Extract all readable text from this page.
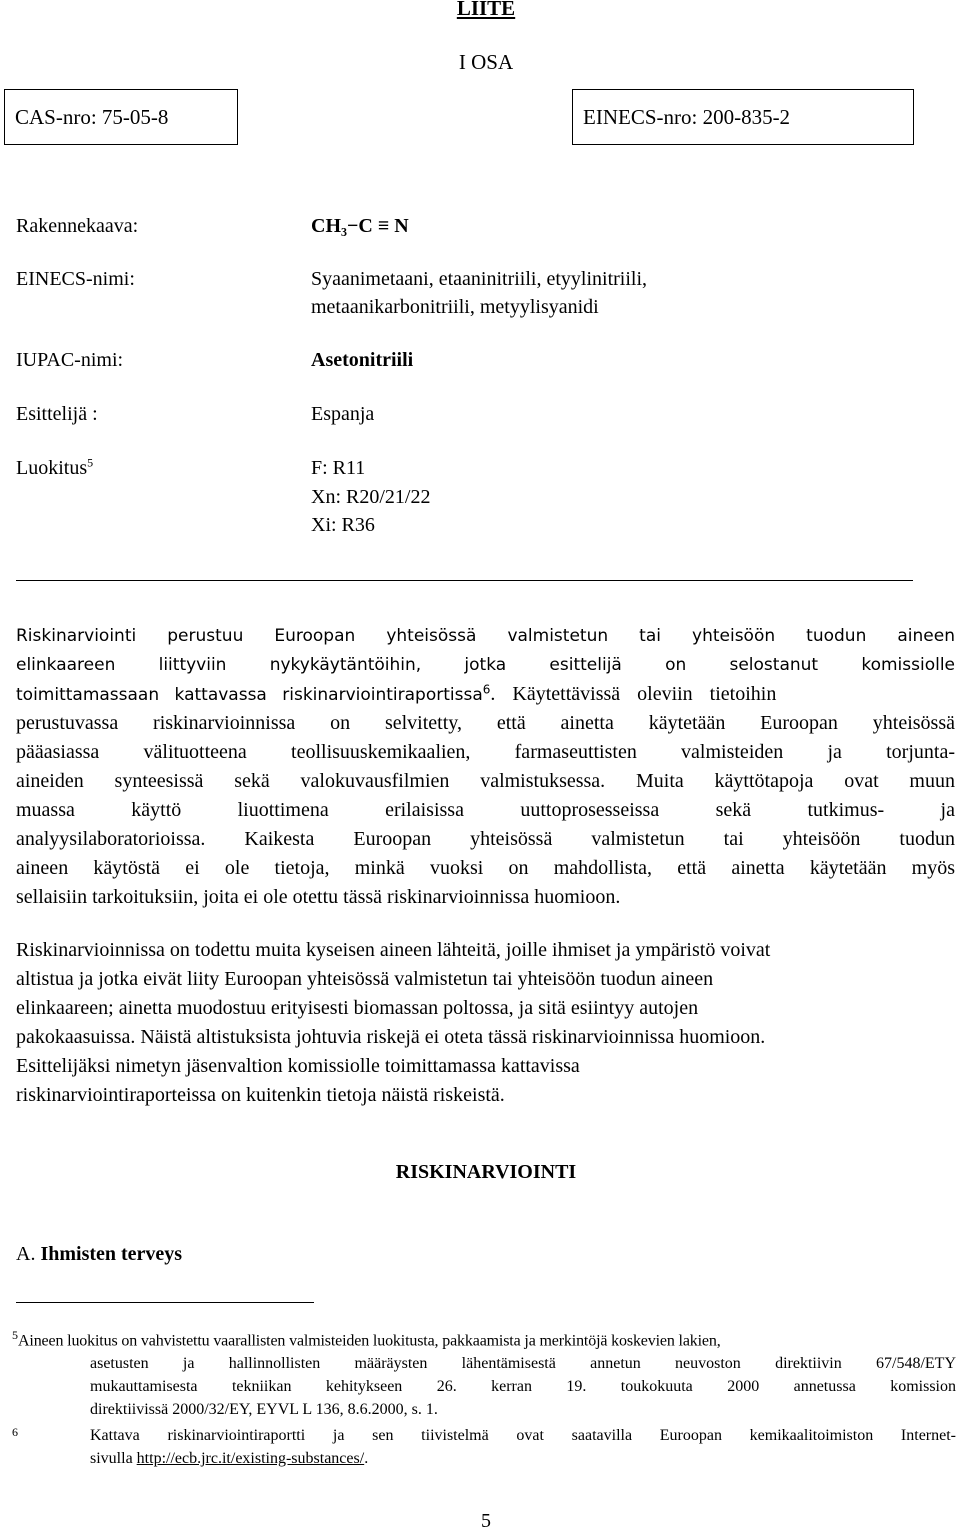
LIITE
I OSA
CAS-nro: 75-05-8	EINECS-nro: 200-835-2
Rakennekaava:	CH₃−C ≡ N
EINECS-nimi:	Syaanimetaani, etaaninitriili, etyylinitriili,
metaanikarbonitriili, metyylisyanidi
IUPAC-nimi:	Asetonitriili
Esittelijä :	Espanja
Luokitus$^5$	F: R11
Xn: R20/21/22
Xi: R36
Riskinarviointi perustuu Euroopan yhteisössä valmistetun tai yhteisöön tuodun aineen
elinkaareen liittyviin nykykäytäntöihin, jotka esittelijä on selostanut komissiolle
toimittamassaan kattavassa riskinarviointiraportissa$^6$. Käytettävissä oleviin tietoihin
perustuvassa riskinarvioinnissa on selvitetty, että ainetta käytetään Euroopan yhteisössä
pääasiassa välituotteena teollisuuskemikaalien, farmaseuttisten valmisteiden ja torjunta-
aineiden synteesissä sekä valokuvausfilmien valmistuksessa. Muita käyttötapoja ovat muun
muassa käyttö liuottimena erilaisissa uuttoprosesseissa sekä tutkimus- ja
analyysilaboratorioissa. Kaikesta Euroopan yhteisössä valmistetun tai yhteisöön tuodun
aineen käytöstä ei ole tietoja, minkä vuoksi on mahdollista, että ainetta käytetään myös
sellaisiin tarkoituksiin, joita ei ole otettu tässä riskinarvioinnissa huomioon.
Riskinarvioinnissa on todettu muita kyseisen aineen lähteitä, joille ihmiset ja ympäristö voivat
altistua ja jotka eivät liity Euroopan yhteisössä valmistetun tai yhteisöön tuodun aineen
elinkaareen; ainetta muodostuu erityisesti biomassan poltossa, ja sitä esiintyy autojen
pakokaasuissa. Näistä altistuksista johtuvia riskejä ei oteta tässä riskinarvioinnissa huomioon.
Esittelijäksi nimetyn jäsenvaltion komissiolle toimittamassa kattavissa
riskinarviointiraporteissa on kuitenkin tietoja näistä riskeistä.
RISKINARVIOINTI
A. Ihmisten terveys
$^5$Aineen luokitus on vahvistettu vaarallisten valmisteiden luokitusta, pakkaamista ja merkintöjä koskevien lakien,
asetusten ja hallinnollisten määräysten lähentämisestä annetun neuvoston direktiivin 67/548/ETY
mukauttamisesta tekniikan kehitykseen 26. kerran 19. toukokuuta 2000 annetussa komission
direktiivissä 2000/32/EY, EYVL L 136, 8.6.2000, s. 1.
6	Kattava riskinarviointiraportti ja sen tiivistelmä ovat saatavilla Euroopan kemikaalitoimiston Internet-
sivulla http://ecb.jrc.it/existing-substances/.
5
